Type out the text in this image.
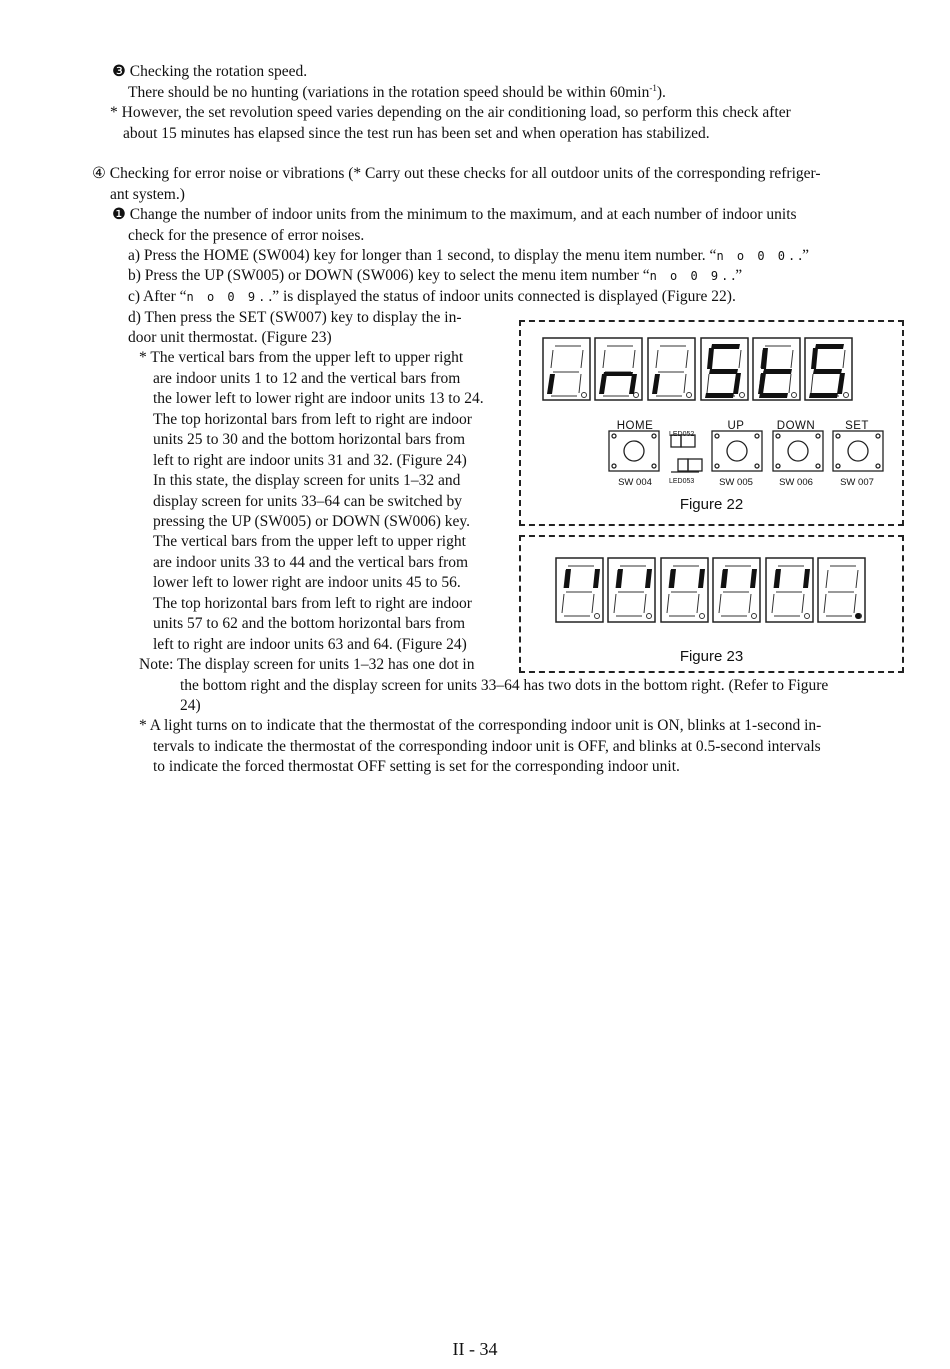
❸ Checking the rotation speed.
There should be no hunting (variations in the rotation speed should be within $60\min^{-1}$).
* However, the set revolution speed varies depending on the air conditioning load, so perform this check after
about 15 minutes has elapsed since the test run has been set and when operation has stabilized.
④ Checking for error noise or vibrations (* Carry out these checks for all outdoor units of the corresponding refriger-
ant system.)
❶ Change the number of indoor units from the minimum to the maximum, and at each number of indoor units
check for the presence of error noises.
a) Press the HOME (SW004) key for longer than 1 second, to display the menu item number. “n o 0 0..”
b) Press the UP (SW005) or DOWN (SW006) key to select the menu item number “n o 0 9..”
c) After “n o 0 9..” is displayed the status of indoor units connected is displayed (Figure 22).
d) Then press the SET (SW007) key to display the in-
door unit thermostat. (Figure 23)
* The vertical bars from the upper left to upper right
are indoor units 1 to 12 and the vertical bars from
the lower left to lower right are indoor units 13 to 24.
The top horizontal bars from left to right are indoor
units 25 to 30 and the bottom horizontal bars from
left to right are indoor units 31 and 32. (Figure 24)
In this state, the display screen for units 1–32 and
display screen for units 33–64 can be switched by
pressing the UP (SW005) or DOWN (SW006) key.
The vertical bars from the upper left to upper right
are indoor units 33 to 44 and the vertical bars from
lower left to lower right are indoor units 45 to 56.
The top horizontal bars from left to right are indoor
units 57 to 62 and the bottom horizontal bars from
left to right are indoor units 63 and 64. (Figure 24)
Note: The display screen for units 1–32 has one dot in
the bottom right and the display screen for units 33–64 has two dots in the bottom right. (Refer to Figure
24)
* A light turns on to indicate that the thermostat of the corresponding indoor unit is ON, blinks at 1-second in-
tervals to indicate the thermostat of the corresponding indoor unit is OFF, and blinks at 0.5-second intervals
to indicate the forced thermostat OFF setting is set for the corresponding indoor unit.
HOME	UP	DOWN	SET
LED052
LED053
SW 004	SW 005	SW 006	SW 007
Figure 22
Figure 23
II - 34
